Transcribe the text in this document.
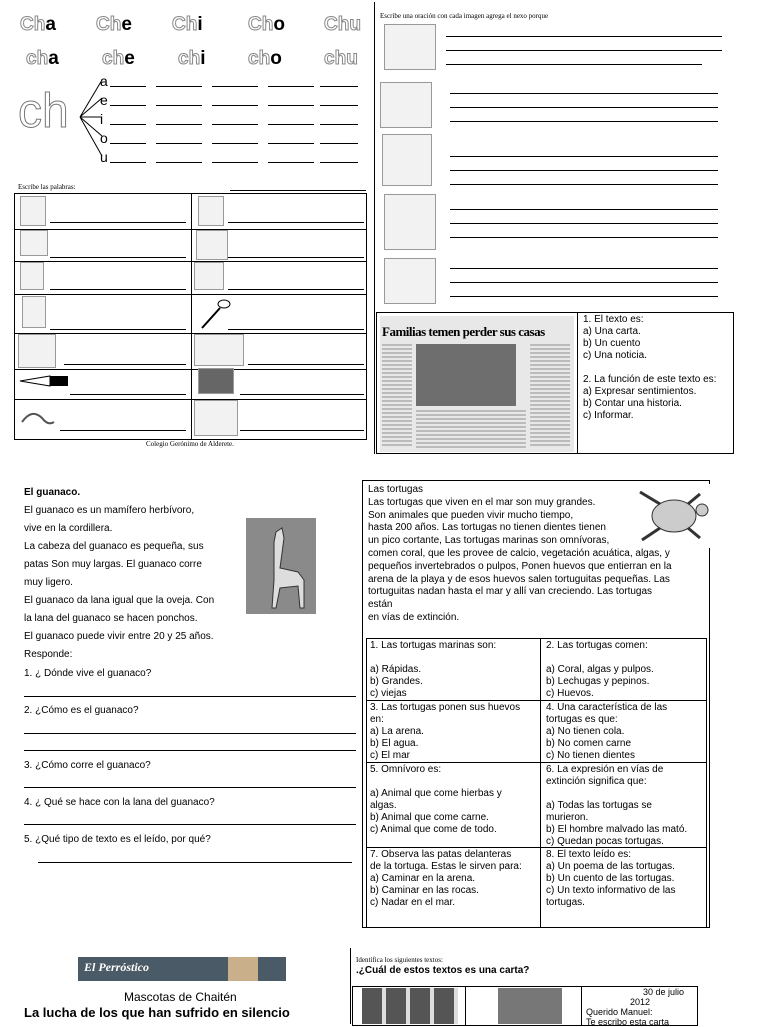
Cha	Che Chi Cho Chu
cha che chi cho chu
ch
a
e
i
o
u
Escribe las palabras:
Colegio Gerónimo de Alderete.
Escribe una oración con cada imagen agrega el nexo porque
Familias temen perder sus casas
1. El texto es:
a) Una carta.
b) Un cuento
c) Una noticia.
2. La función de este texto es:
a) Expresar sentimientos.
b) Contar una historia.
c) Informar.
El guanaco.
El guanaco es un mamífero herbívoro,
vive en la cordillera.
La cabeza del guanaco es pequeña, sus
patas Son muy largas. El guanaco corre
muy ligero.
El guanaco da lana igual que la oveja. Con
la lana del guanaco se hacen ponchos.
El guanaco puede vivir entre 20 y 25 años.
Responde:
1. ¿ Dónde vive el guanaco?
2. ¿Cómo es el guanaco?
3. ¿Cómo corre el guanaco?
4. ¿ Qué se hace con la lana del guanaco?
5. ¿Qué tipo de texto es el leído, por qué?
Las tortugas
Las tortugas que viven en el mar son muy grandes.
Son animales que pueden vivir mucho tiempo,
hasta 200 años. Las tortugas no tienen dientes tienen
un pico cortante, Las tortugas marinas son omnívoras,
comen coral, que les provee de calcio, vegetación acuática, algas, y
pequeños invertebrados o pulpos, Ponen huevos que entierran en la
arena de la playa y de esos huevos salen tortuguitas pequeñas. Las
tortuguitas nadan hasta el mar y allí van creciendo. Las tortugas
están
en vías de extinción.
1. Las tortugas marinas son:
a) Rápidas.
b) Grandes.
c) viejas
2. Las tortugas comen:
a) Coral, algas y pulpos.
b) Lechugas y pepinos.
c) Huevos.
3. Las tortugas ponen sus huevos
en:
a) La arena.
b) El agua.
c) El mar
4. Una característica de las
tortugas es que:
a) No tienen cola.
b) No comen carne
c) No tienen dientes
5. Omnívoro es:
a) Animal que come hierbas y
algas.
b) Animal que come carne.
c) Animal que come de todo.
6. La expresión en vías de
extinción significa que:
a) Todas las tortugas se
murieron.
b) El hombre malvado las mató.
c) Quedan pocas tortugas.
7. Observa las patas delanteras
de la tortuga. Estas le sirven para:
a) Caminar en la arena.
b) Caminar en las rocas.
c) Nadar en el mar.
8. El texto leído es:
a) Un poema de las tortugas.
b) Un cuento de las tortugas.
c) Un texto informativo de las
tortugas.
El Perróstico
Mascotas de Chaitén
La lucha de los que han sufrido en silencio
Identifica los siguientes textos:
.¿Cuál de estos textos es una carta?
30 de julio
2012
Querido Manuel:
Te escribo esta carta
